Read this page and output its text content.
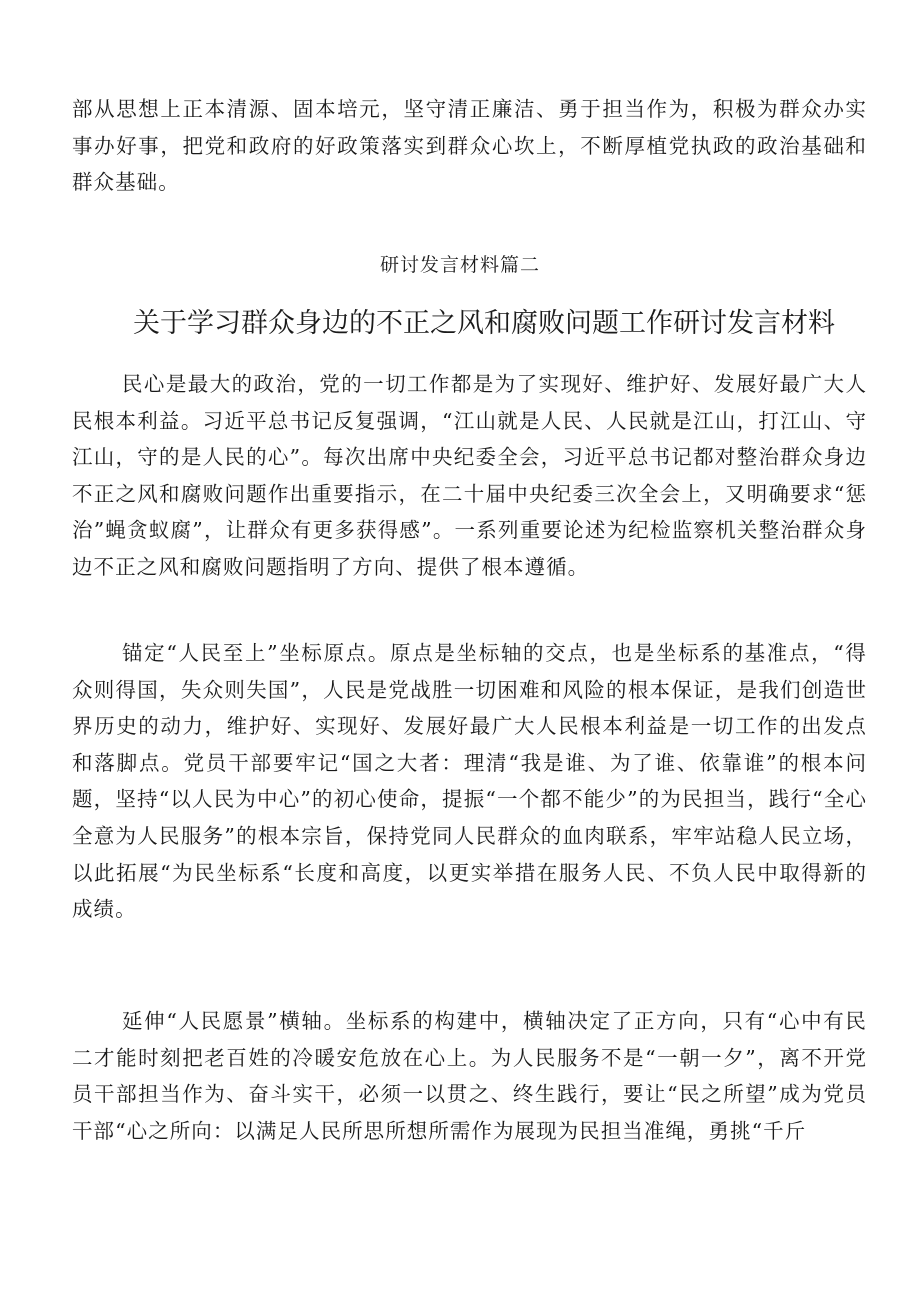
部从思想上正本清源、固本培元，坚守清正廉洁、勇于担当作为，积极为群众办实事办好事，把党和政府的好政策落实到群众心坎上，不断厚植党执政的政治基础和群众基础。

研讨发言材料篇二

关于学习群众身边的不正之风和腐败问题工作研讨发言材料

民心是最大的政治，党的一切工作都是为了实现好、维护好、发展好最广大人民根本利益。习近平总书记反复强调，“江山就是人民、人民就是江山，打江山、守江山，守的是人民的心”。每次出席中央纪委全会，习近平总书记都对整治群众身边不正之风和腐败问题作出重要指示，在二十届中央纪委三次全会上，又明确要求“惩治”蝇贪蚁腐”，让群众有更多获得感”。一系列重要论述为纪检监察机关整治群众身边不正之风和腐败问题指明了方向、提供了根本遵循。

锚定“人民至上”坐标原点。原点是坐标轴的交点，也是坐标系的基准点，“得众则得国，失众则失国”，人民是党战胜一切困难和风险的根本保证，是我们创造世界历史的动力，维护好、实现好、发展好最广大人民根本利益是一切工作的出发点和落脚点。党员干部要牢记“国之大者：理清“我是谁、为了谁、依靠谁”的根本问题，坚持“以人民为中心”的初心使命，提振“一个都不能少”的为民担当，践行“全心全意为人民服务”的根本宗旨，保持党同人民群众的血肉联系，牢牢站稳人民立场，以此拓展“为民坐标系“长度和高度，以更实举措在服务人民、不负人民中取得新的成绩。

延伸“人民愿景”横轴。坐标系的构建中，横轴决定了正方向，只有“心中有民二才能时刻把老百姓的冷暖安危放在心上。为人民服务不是“一朝一夕”，离不开党员干部担当作为、奋斗实干，必须一以贯之、终生践行，要让“民之所望”成为党员干部“心之所向：以满足人民所思所想所需作为展现为民担当准绳，勇挑“千斤
